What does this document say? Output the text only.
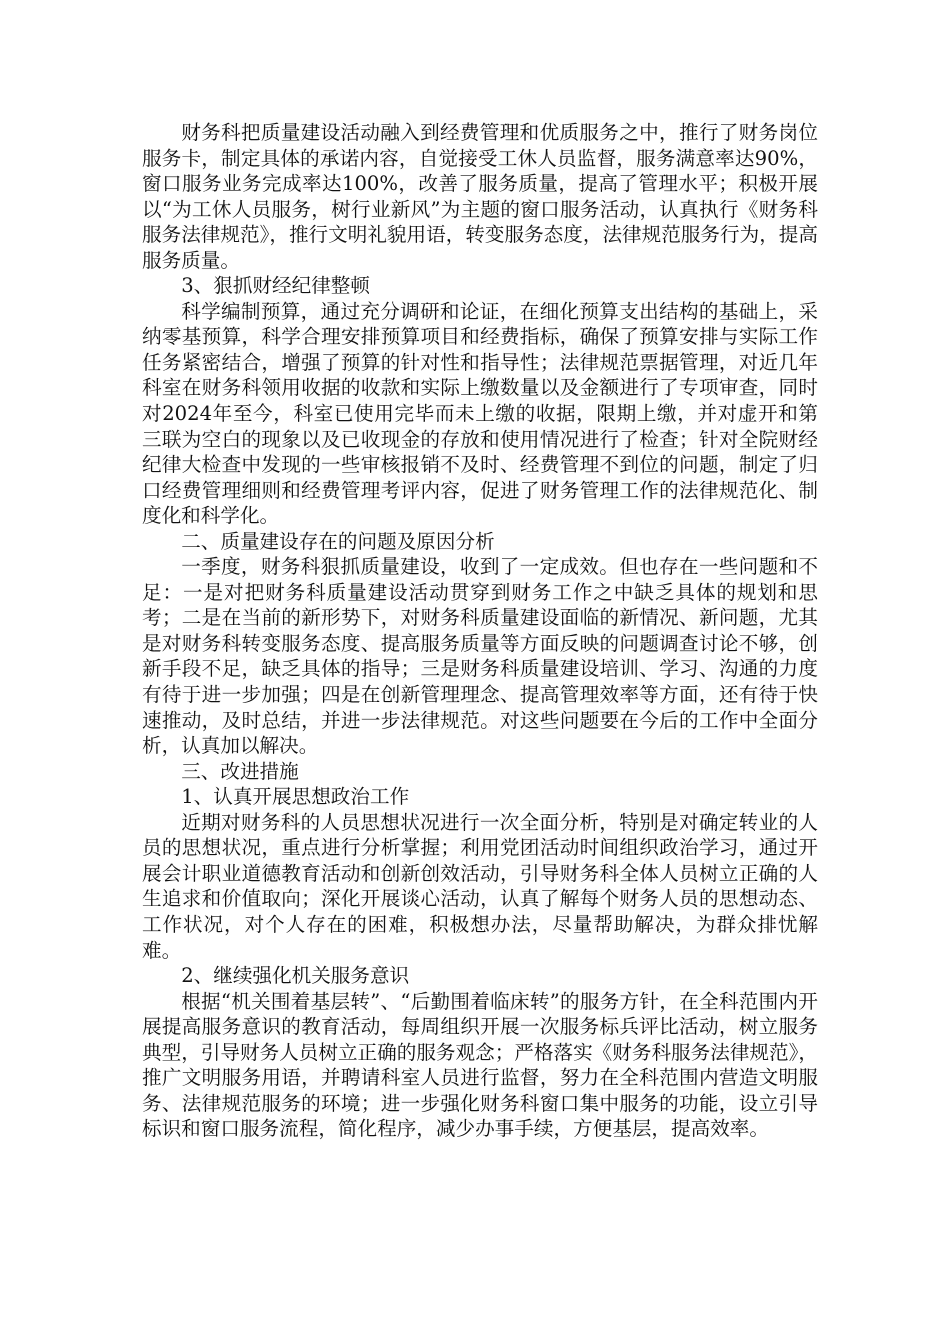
财务科把质量建设活动融入到经费管理和优质服务之中，推行了财务岗位服务卡，制定具体的承诺内容，自觉接受工休人员监督，服务满意率达90%，窗口服务业务完成率达100%，改善了服务质量，提高了管理水平；积极开展以“为工休人员服务，树行业新风”为主题的窗口服务活动，认真执行《财务科服务法律规范》，推行文明礼貌用语，转变服务态度，法律规范服务行为，提高服务质量。

3、狠抓财经纪律整顿

科学编制预算，通过充分调研和论证，在细化预算支出结构的基础上，采纳零基预算，科学合理安排预算项目和经费指标，确保了预算安排与实际工作任务紧密结合，增强了预算的针对性和指导性；法律规范票据管理，对近几年科室在财务科领用收据的收款和实际上缴数量以及金额进行了专项审查，同时对2024年至今，科室已使用完毕而未上缴的收据，限期上缴，并对虚开和第三联为空白的现象以及已收现金的存放和使用情况进行了检查；针对全院财经纪律大检查中发现的一些审核报销不及时、经费管理不到位的问题，制定了归口经费管理细则和经费管理考评内容，促进了财务管理工作的法律规范化、制度化和科学化。

二、质量建设存在的问题及原因分析

一季度，财务科狠抓质量建设，收到了一定成效。但也存在一些问题和不足：一是对把财务科质量建设活动贯穿到财务工作之中缺乏具体的规划和思考；二是在当前的新形势下，对财务科质量建设面临的新情况、新问题，尤其是对财务科转变服务态度、提高服务质量等方面反映的问题调查讨论不够，创新手段不足，缺乏具体的指导；三是财务科质量建设培训、学习、沟通的力度有待于进一步加强；四是在创新管理理念、提高管理效率等方面，还有待于快速推动，及时总结，并进一步法律规范。对这些问题要在今后的工作中全面分析，认真加以解决。

三、改进措施

1、认真开展思想政治工作

近期对财务科的人员思想状况进行一次全面分析，特别是对确定转业的人员的思想状况，重点进行分析掌握；利用党团活动时间组织政治学习，通过开展会计职业道德教育活动和创新创效活动，引导财务科全体人员树立正确的人生追求和价值取向；深化开展谈心活动，认真了解每个财务人员的思想动态、工作状况，对个人存在的困难，积极想办法，尽量帮助解决，为群众排忧解难。

2、继续强化机关服务意识

根据“机关围着基层转”、“后勤围着临床转”的服务方针，在全科范围内开展提高服务意识的教育活动，每周组织开展一次服务标兵评比活动，树立服务典型，引导财务人员树立正确的服务观念；严格落实《财务科服务法律规范》，推广文明服务用语，并聘请科室人员进行监督，努力在全科范围内营造文明服务、法律规范服务的环境；进一步强化财务科窗口集中服务的功能，设立引导标识和窗口服务流程，简化程序，减少办事手续，方便基层，提高效率。
